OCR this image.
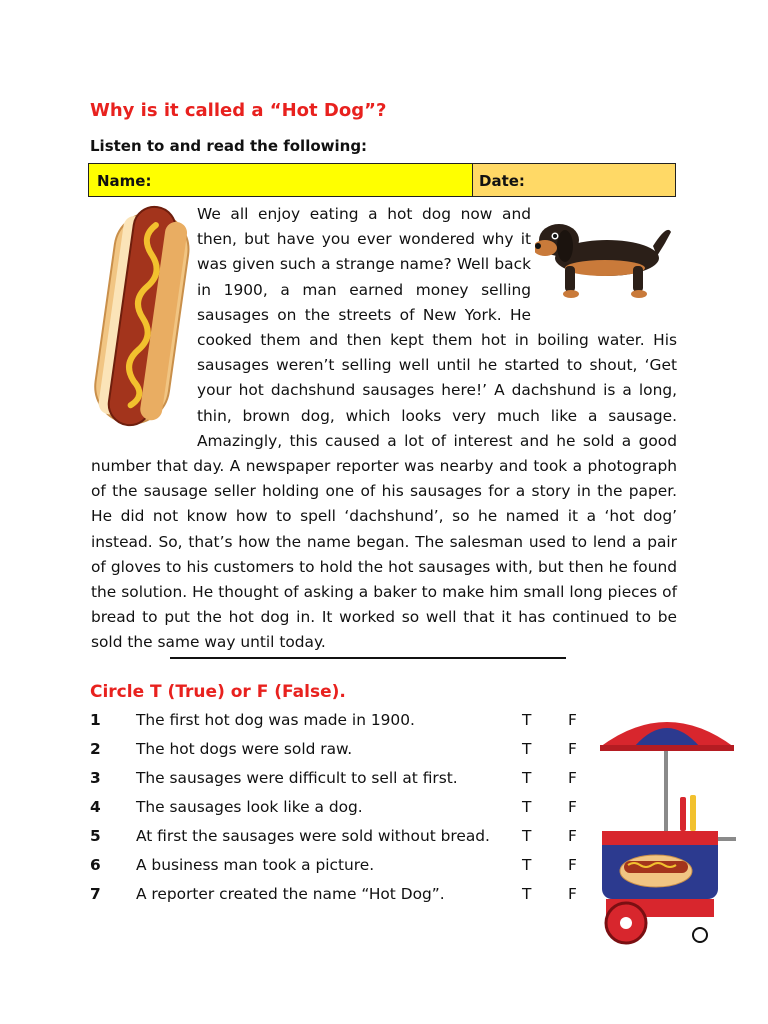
Why is it called a “Hot Dog”?
Listen to and read the following:
Name:	Date:

We all enjoy eating a hot dog now and then, but have you ever wondered why it was given such a strange name? Well back in 1900, a man earned money selling sausages on the streets of New York. He cooked them and then kept them hot in boiling water. His sausages weren’t selling well until he started to shout, ‘Get your hot dachshund sausages here!’ A dachshund is a long, thin, brown dog, which looks very much like a sausage. Amazingly, this caused a lot of interest and he sold a good number that day. A newspaper reporter was nearby and took a photograph of the sausage seller holding one of his sausages for a story in the paper. He did not know how to spell ‘dachshund’, so he named it a ‘hot dog’ instead. So, that’s how the name began. The salesman used to lend a pair of gloves to his customers to hold the hot sausages with, but then he found the solution. He thought of asking a baker to make him small long pieces of bread to put the hot dog in. It worked so well that it has continued to be sold the same way until today.

Circle T (True) or F (False).
1	The first hot dog was made in 1900.	T F
2	The hot dogs were sold raw.	T F
3	The sausages were difficult to sell at first.	T F
4	The sausages look like a dog.	T F
5	At first the sausages were sold without bread. T F
6	A business man took a picture.	T F
7	A reporter created the name “Hot Dog”.	T F
